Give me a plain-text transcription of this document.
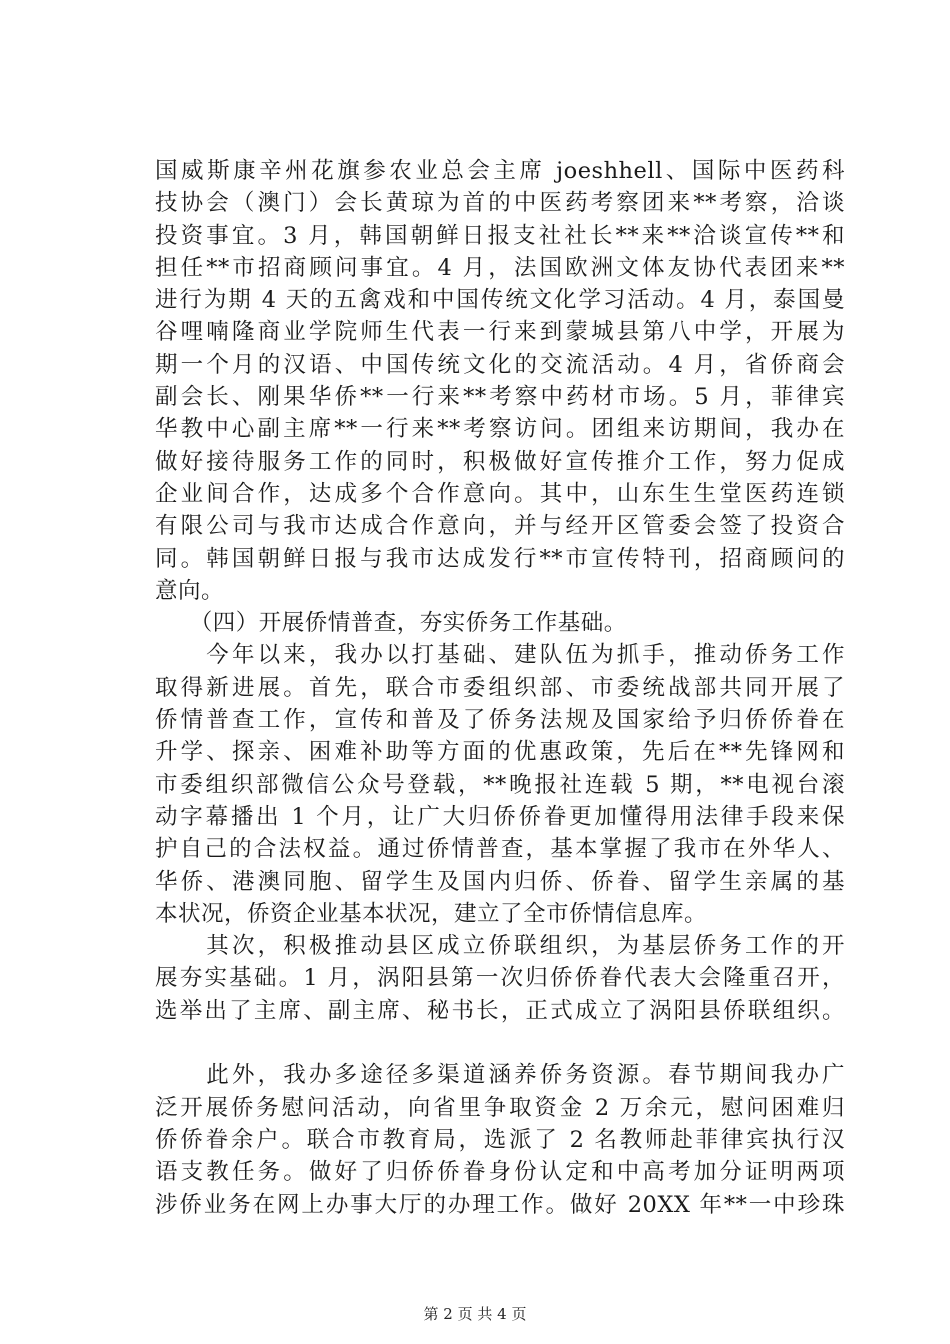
国威斯康辛州花旗参农业总会主席 joeshhell、国际中医药科
技协会（澳门）会长黄琼为首的中医药考察团来**考察，洽谈
投资事宜。3 月，韩国朝鲜日报支社社长**来**洽谈宣传**和
担任**市招商顾问事宜。4 月，法国欧洲文体友协代表团来**
进行为期 4 天的五禽戏和中国传统文化学习活动。4 月，泰国曼
谷哩喃隆商业学院师生代表一行来到蒙城县第八中学，开展为
期一个月的汉语、中国传统文化的交流活动。4 月，省侨商会
副会长、刚果华侨**一行来**考察中药材市场。5 月，菲律宾
华教中心副主席**一行来**考察访问。团组来访期间，我办在
做好接待服务工作的同时，积极做好宣传推介工作，努力促成
企业间合作，达成多个合作意向。其中，山东生生堂医药连锁
有限公司与我市达成合作意向，并与经开区管委会签了投资合
同。韩国朝鲜日报与我市达成发行**市宣传特刊，招商顾问的
意向。
　　（四）开展侨情普查，夯实侨务工作基础。
　　今年以来，我办以打基础、建队伍为抓手，推动侨务工作
取得新进展。首先，联合市委组织部、市委统战部共同开展了
侨情普查工作，宣传和普及了侨务法规及国家给予归侨侨眷在
升学、探亲、困难补助等方面的优惠政策，先后在**先锋网和
市委组织部微信公众号登载，**晚报社连载 5 期，**电视台滚
动字幕播出 1 个月，让广大归侨侨眷更加懂得用法律手段来保
护自己的合法权益。通过侨情普查，基本掌握了我市在外华人、
华侨、港澳同胞、留学生及国内归侨、侨眷、留学生亲属的基
本状况，侨资企业基本状况，建立了全市侨情信息库。
　　其次，积极推动县区成立侨联组织，为基层侨务工作的开
展夯实基础。1 月，涡阳县第一次归侨侨眷代表大会隆重召开，
选举出了主席、副主席、秘书长，正式成立了涡阳县侨联组织。
　　此外，我办多途径多渠道涵养侨务资源。春节期间我办广
泛开展侨务慰问活动，向省里争取资金 2 万余元，慰问困难归
侨侨眷余户。联合市教育局，选派了 2 名教师赴菲律宾执行汉
语支教任务。做好了归侨侨眷身份认定和中高考加分证明两项
涉侨业务在网上办事大厅的办理工作。做好 20XX 年**一中珍珠
第 2 页 共 4 页
